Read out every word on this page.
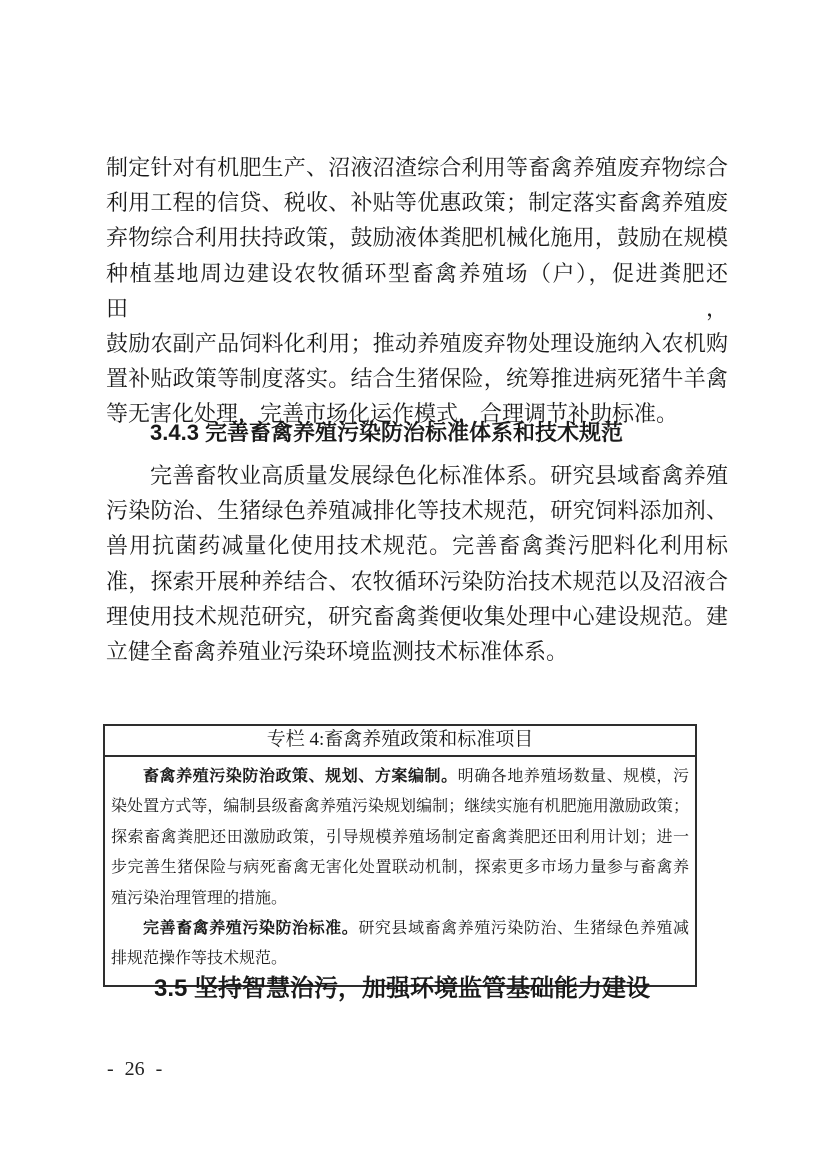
制定针对有机肥生产、沼液沼渣综合利用等畜禽养殖废弃物综合
利用工程的信贷、税收、补贴等优惠政策；制定落实畜禽养殖废
弃物综合利用扶持政策，鼓励液体粪肥机械化施用，鼓励在规模
种植基地周边建设农牧循环型畜禽养殖场（户），促进粪肥还田，
鼓励农副产品饲料化利用；推动养殖废弃物处理设施纳入农机购
置补贴政策等制度落实。结合生猪保险，统筹推进病死猪牛羊禽
等无害化处理，完善市场化运作模式，合理调节补助标准。
3.4.3 完善畜禽养殖污染防治标准体系和技术规范
完善畜牧业高质量发展绿色化标准体系。研究县域畜禽养殖
污染防治、生猪绿色养殖减排化等技术规范，研究饲料添加剂、
兽用抗菌药减量化使用技术规范。完善畜禽粪污肥料化利用标
准，探索开展种养结合、农牧循环污染防治技术规范以及沼液合
理使用技术规范研究，研究畜禽粪便收集处理中心建设规范。建
立健全畜禽养殖业污染环境监测技术标准体系。
专栏 4:畜禽养殖政策和标准项目
畜禽养殖污染防治政策、规划、方案编制。明确各地养殖场数量、规模，污
染处置方式等，编制县级畜禽养殖污染规划编制；继续实施有机肥施用激励政策；
探索畜禽粪肥还田激励政策，引导规模养殖场制定畜禽粪肥还田利用计划；进一
步完善生猪保险与病死畜禽无害化处置联动机制，探索更多市场力量参与畜禽养
殖污染治理管理的措施。
完善畜禽养殖污染防治标准。研究县域畜禽养殖污染防治、生猪绿色养殖减
排规范操作等技术规范。
3.5 坚持智慧治污，加强环境监管基础能力建设
- 26 -
